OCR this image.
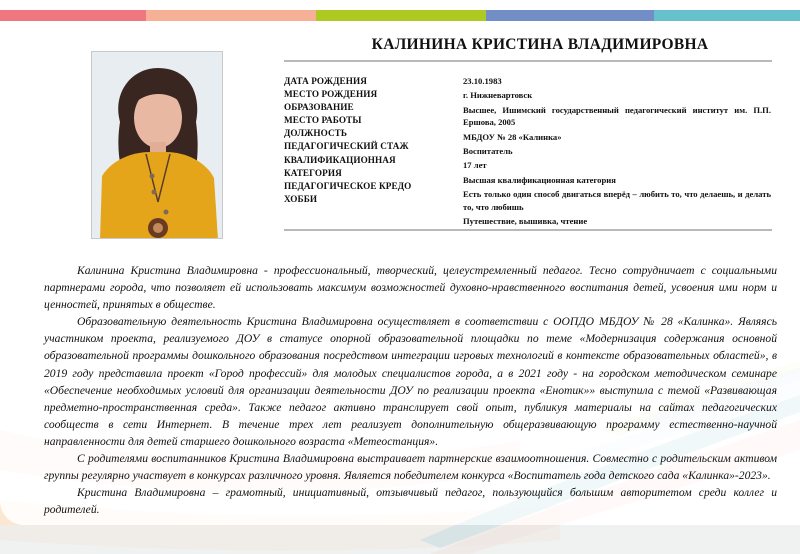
КАЛИНИНА КРИСТИНА ВЛАДИМИРОВНА
ДАТА РОЖДЕНИЯ
МЕСТО РОЖДЕНИЯ
ОБРАЗОВАНИЕ
МЕСТО РАБОТЫ
ДОЛЖНОСТЬ
ПЕДАГОГИЧЕСКИЙ СТАЖ
КВАЛИФИКАЦИОННАЯ
КАТЕГОРИЯ
ПЕДАГОГИЧЕСКОЕ КРЕДО
ХОББИ
23.10.1983
г. Нижневартовск
Высшее, Ишимский государственный педагогический институт им. П.П. Ершова, 2005
МБДОУ № 28 «Калинка»
Воспитатель
17 лет
Высшая квалификационная категория
Есть только один способ двигаться вперёд – любить то, что делаешь, и делать то, что любишь
Путешествие, вышивка, чтение

Калинина Кристина Владимировна - профессиональный, творческий, целеустремленный педагог. Тесно сотрудничает с социальными партнерами города, что позволяет ей использовать максимум возможностей духовно-нравственного воспитания детей, усвоения ими норм и ценностей, принятых в обществе.

Образовательную деятельность Кристина Владимировна осуществляет в соответствии с ООПДО МБДОУ № 28 «Калинка». Являясь участником проекта, реализуемого ДОУ в статусе опорной образовательной площадки по теме «Модернизация содержания основной образовательной программы дошкольного образования посредством интеграции игровых технологий в контексте образовательных областей», в 2019 году представила проект «Город профессий» для молодых специалистов города, а в 2021 году - на городском методическом семинаре «Обеспечение необходимых условий для организации деятельности ДОУ по реализации проекта «Енотик»» выступила с темой «Развивающая предметно-пространственная среда». Также педагог активно транслирует свой опыт, публикуя материалы на сайтах педагогических сообществ в сети Интернет. В течение трех лет реализует дополнительную общеразвивающую программу естественно-научной направленности для детей старшего дошкольного возраста «Метеостанция».

С родителями воспитанников Кристина Владимировна выстраивает партнерские взаимоотношения. Совместно с родительским активом группы регулярно участвует в конкурсах различного уровня. Является победителем конкурса «Воспитатель года детского сада «Калинка»-2023».

Кристина Владимировна – грамотный, инициативный, отзывчивый педагог, пользующийся большим авторитетом среди коллег и родителей.
